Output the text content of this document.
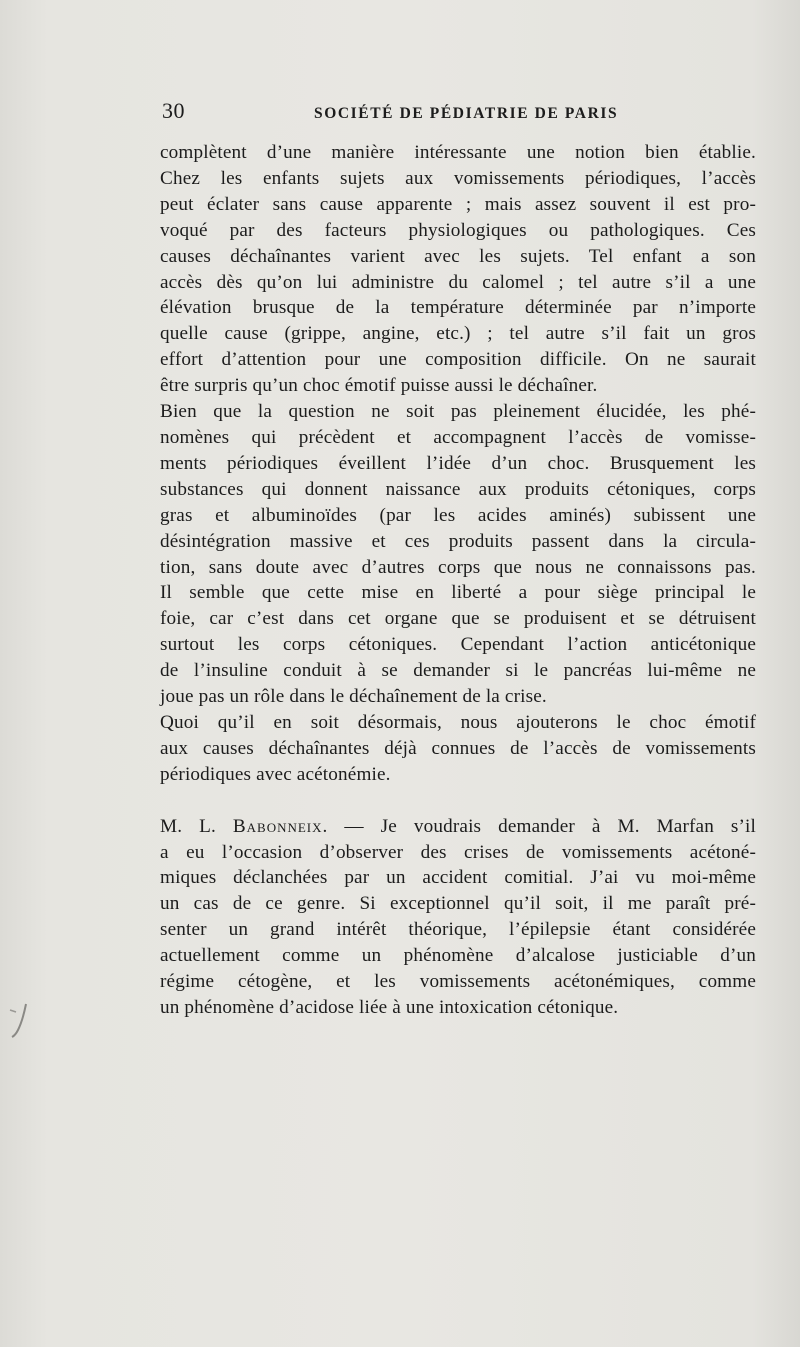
30	SOCIÉTÉ DE PÉDIATRIE DE PARIS

complètent d’une manière intéressante une notion bien établie.

Chez les enfants sujets aux vomissements périodiques, l’accès

peut éclater sans cause apparente ; mais assez souvent il est pro-

voqué par des facteurs physiologiques ou pathologiques. Ces

causes déchaînantes varient avec les sujets. Tel enfant a son

accès dès qu’on lui administre du calomel ; tel autre s’il a une

élévation brusque de la température déterminée par n’importe

quelle cause (grippe, angine, etc.) ; tel autre s’il fait un gros

effort d’attention pour une composition difficile. On ne saurait

être surpris qu’un choc émotif puisse aussi le déchaîner.

Bien que la question ne soit pas pleinement élucidée, les phé-

nomènes qui précèdent et accompagnent l’accès de vomisse-

ments périodiques éveillent l’idée d’un choc. Brusquement les

substances qui donnent naissance aux produits cétoniques, corps

gras et albuminoïdes (par les acides aminés) subissent une

désintégration massive et ces produits passent dans la circula-

tion, sans doute avec d’autres corps que nous ne connaissons pas.

Il semble que cette mise en liberté a pour siège principal le

foie, car c’est dans cet organe que se produisent et se détruisent

surtout les corps cétoniques. Cependant l’action anticétonique

de l’insuline conduit à se demander si le pancréas lui-même ne

joue pas un rôle dans le déchaînement de la crise.

Quoi qu’il en soit désormais, nous ajouterons le choc émotif

aux causes déchaînantes déjà connues de l’accès de vomissements

périodiques avec acétonémie.

M. L. Babonneix. — Je voudrais demander à M. Marfan s’il

a eu l’occasion d’observer des crises de vomissements acétoné-

miques déclanchées par un accident comitial. J’ai vu moi-même

un cas de ce genre. Si exceptionnel qu’il soit, il me paraît pré-

senter un grand intérêt théorique, l’épilepsie étant considérée

actuellement comme un phénomène d’alcalose justiciable d’un

régime cétogène, et les vomissements acétonémiques, comme

un phénomène d’acidose liée à une intoxication cétonique.
